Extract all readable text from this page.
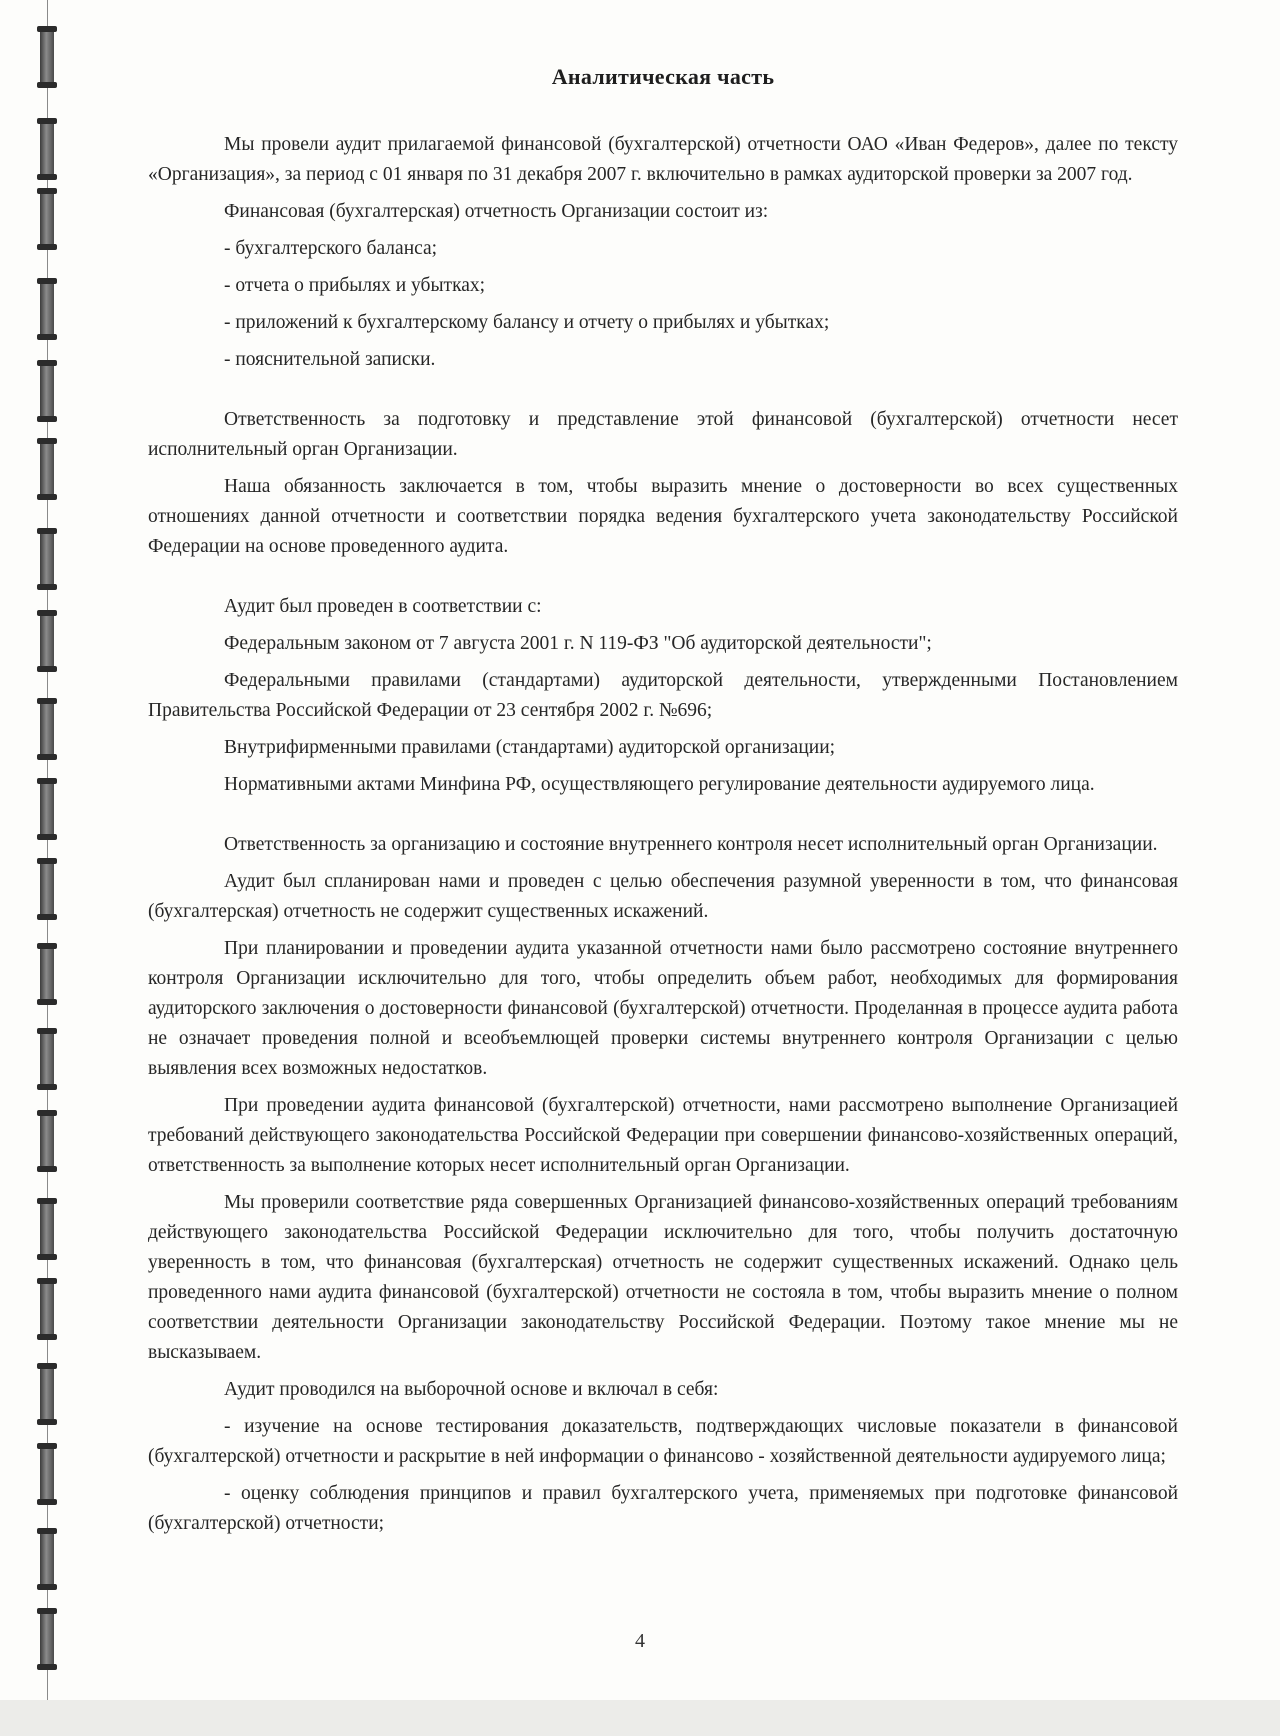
Аналитическая часть

Мы провели аудит прилагаемой финансовой (бухгалтерской) отчетности ОАО «Иван Федеров», далее по тексту «Организация», за период с 01 января по 31 декабря 2007 г. включительно в рамках аудиторской проверки за 2007 год.

Финансовая (бухгалтерская) отчетность Организации состоит из:

- бухгалтерского баланса;
- отчета о прибылях и убытках;
- приложений к бухгалтерскому балансу и отчету о прибылях и убытках;
- пояснительной записки.

Ответственность за подготовку и представление этой финансовой (бухгалтерской) отчетности несет исполнительный орган Организации.

Наша обязанность заключается в том, чтобы выразить мнение о достоверности во всех существенных отношениях данной отчетности и соответствии порядка ведения бухгалтерского учета законодательству Российской Федерации на основе проведенного аудита.

Аудит был проведен в соответствии с:

Федеральным законом от 7 августа 2001 г. N 119-ФЗ "Об аудиторской деятельности";

Федеральными правилами (стандартами) аудиторской деятельности, утвержденными Постановлением Правительства Российской Федерации от 23 сентября 2002 г. №696;

Внутрифирменными правилами (стандартами) аудиторской организации;

Нормативными актами Минфина РФ, осуществляющего регулирование деятельности аудируемого лица.

Ответственность за организацию и состояние внутреннего контроля несет исполнительный орган Организации.

Аудит был спланирован нами и проведен с целью обеспечения разумной уверенности в том, что финансовая (бухгалтерская) отчетность не содержит существенных искажений.

При планировании и проведении аудита указанной отчетности нами было рассмотрено состояние внутреннего контроля Организации исключительно для того, чтобы определить объем работ, необходимых для формирования аудиторского заключения о достоверности финансовой (бухгалтерской) отчетности. Проделанная в процессе аудита работа не означает проведения полной и всеобъемлющей проверки системы внутреннего контроля Организации с целью выявления всех возможных недостатков.

При проведении аудита финансовой (бухгалтерской) отчетности, нами рассмотрено выполнение Организацией требований действующего законодательства Российской Федерации при совершении финансово-хозяйственных операций, ответственность за выполнение которых несет исполнительный орган Организации.

Мы проверили соответствие ряда совершенных Организацией финансово-хозяйственных операций требованиям действующего законодательства Российской Федерации исключительно для того, чтобы получить достаточную уверенность в том, что финансовая (бухгалтерская) отчетность не содержит существенных искажений. Однако цель проведенного нами аудита финансовой (бухгалтерской) отчетности не состояла в том, чтобы выразить мнение о полном соответствии деятельности Организации законодательству Российской Федерации. Поэтому такое мнение мы не высказываем.

Аудит проводился на выборочной основе и включал в себя:

- изучение на основе тестирования доказательств, подтверждающих числовые показатели в финансовой (бухгалтерской) отчетности и раскрытие в ней информации о финансово - хозяйственной деятельности аудируемого лица;

- оценку соблюдения принципов и правил бухгалтерского учета, применяемых при подготовке финансовой (бухгалтерской) отчетности;

4
